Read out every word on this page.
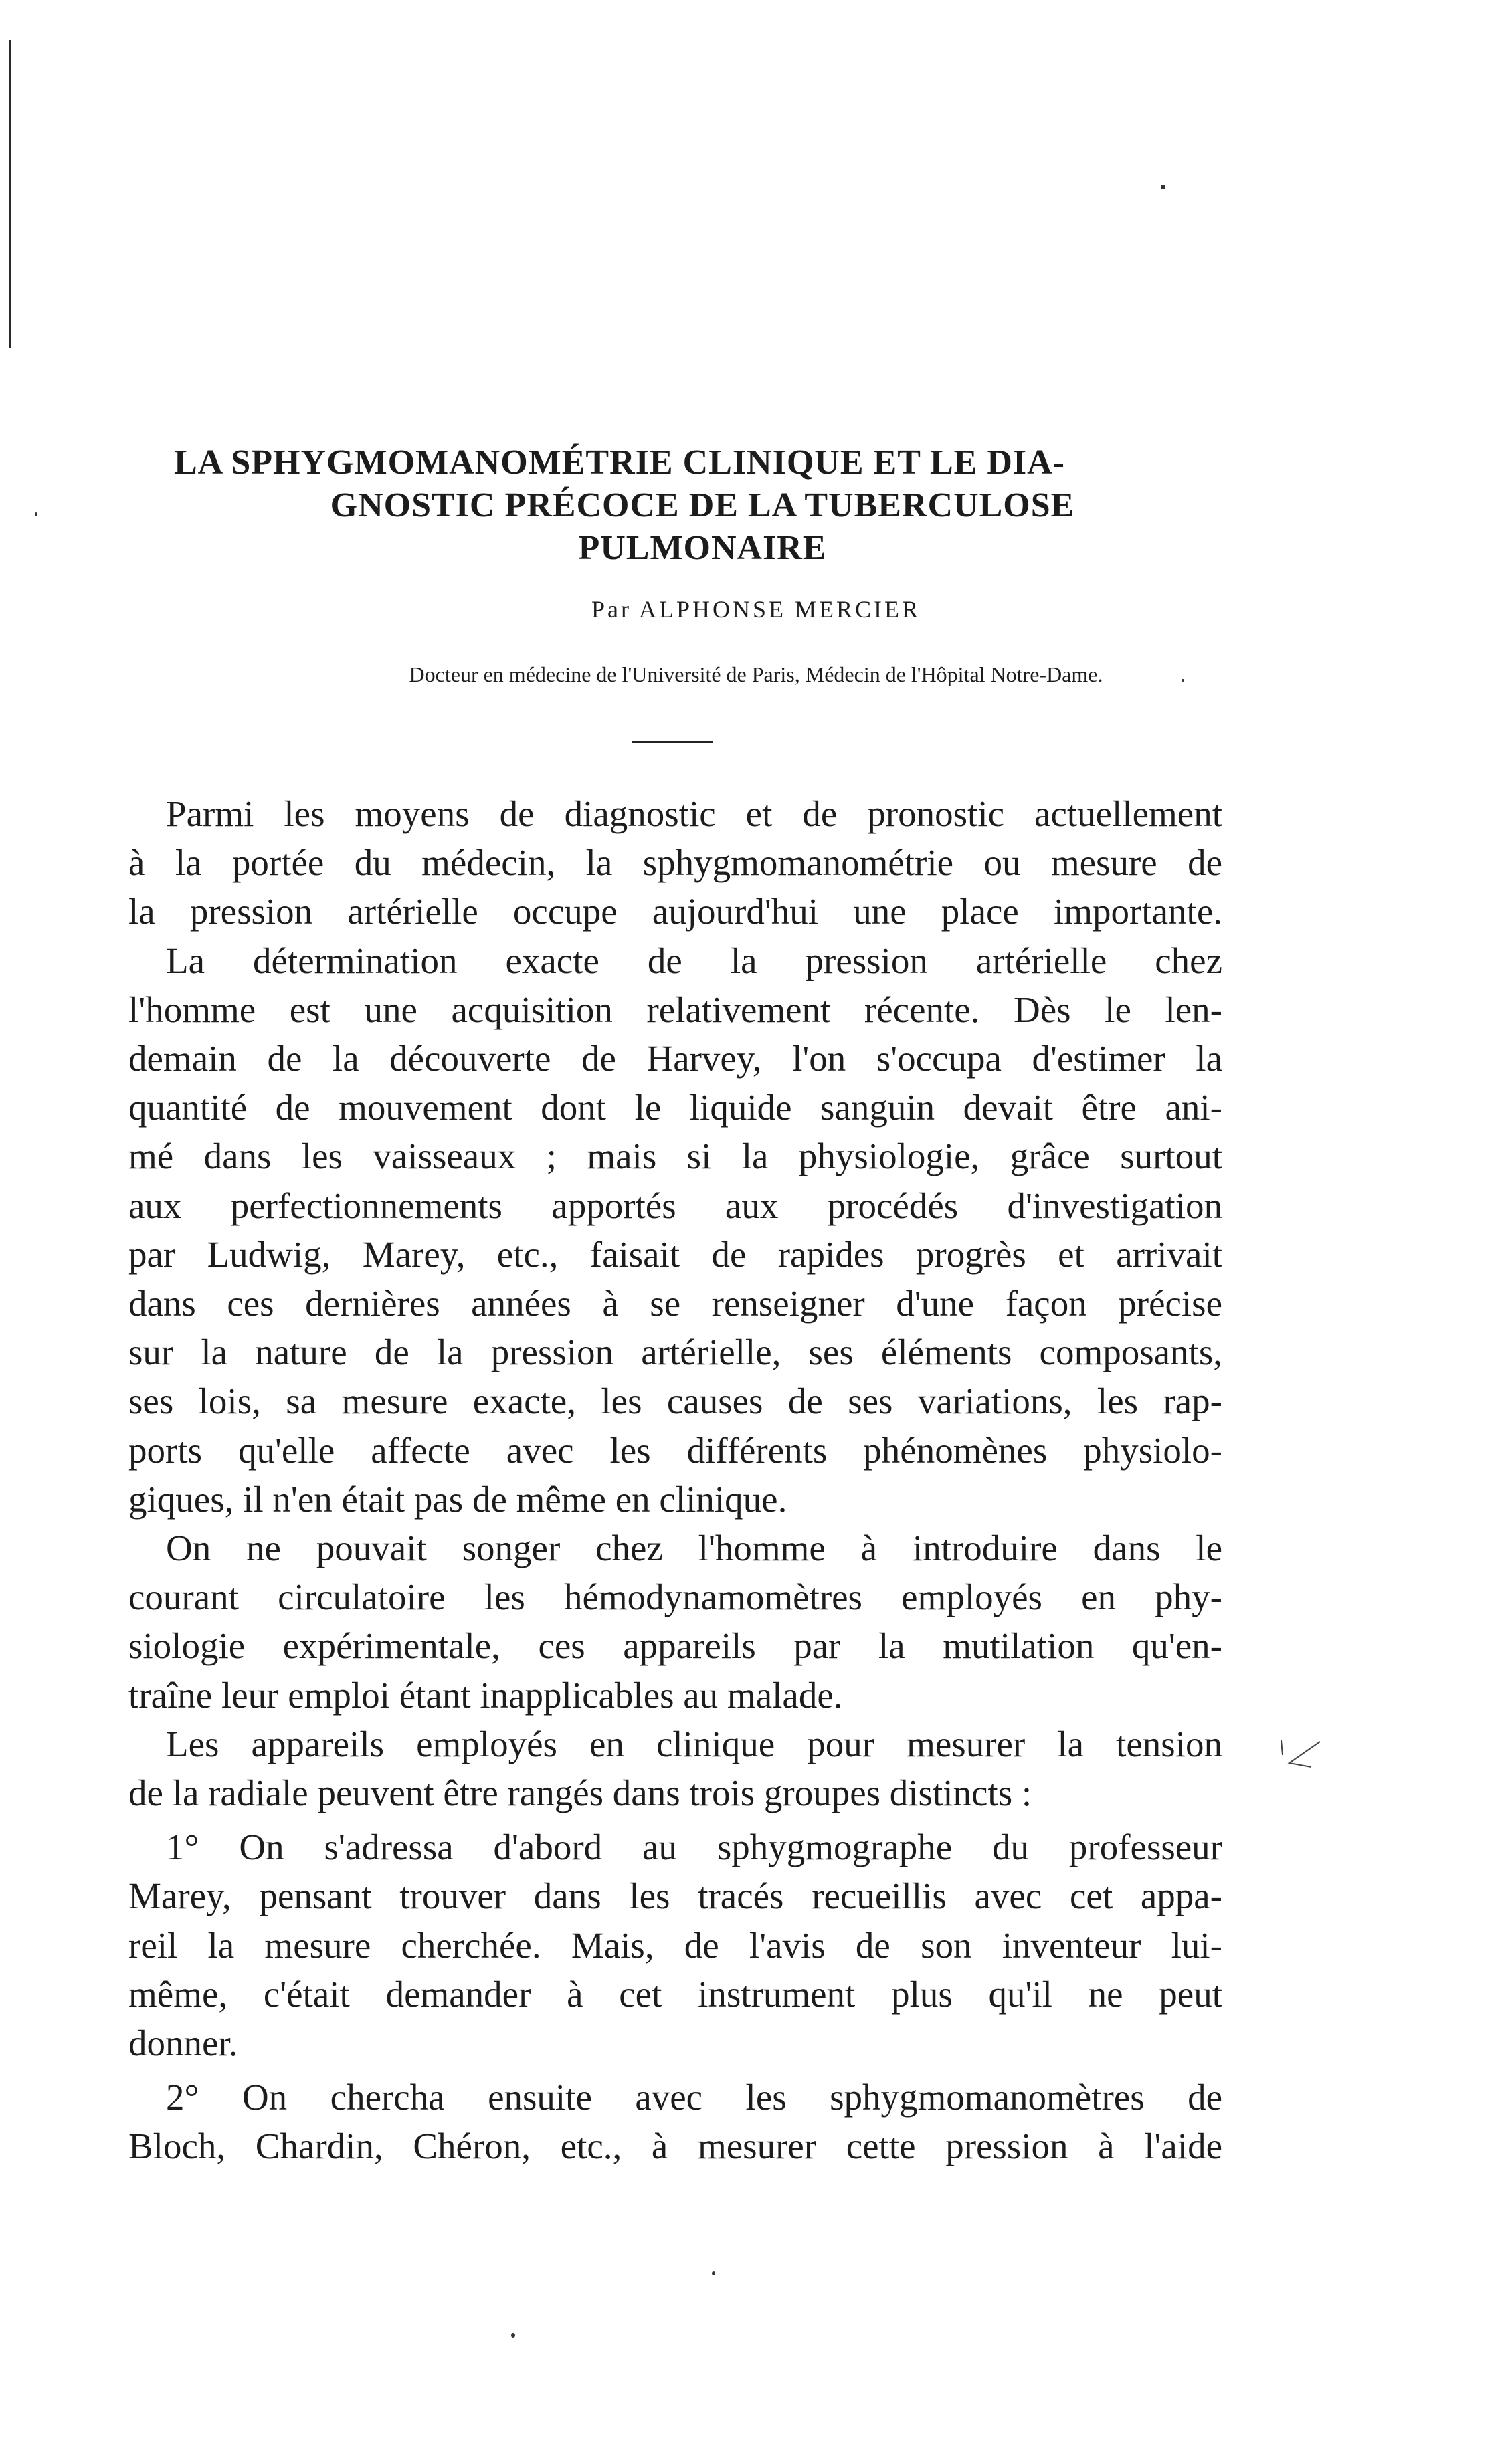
LA SPHYGMOMANOMÉTRIE CLINIQUE ET LE DIA-
GNOSTIC PRÉCOCE DE LA TUBERCULOSE
PULMONAIRE
Par ALPHONSE MERCIER
Docteur en médecine de l'Université de Paris, Médecin de l'Hôpital Notre-Dame.
Parmi les moyens de diagnostic et de pronostic actuellement
à la portée du médecin, la sphygmomanométrie ou mesure de
la pression artérielle occupe aujourd'hui une place importante.
La détermination exacte de la pression artérielle chez
l'homme est une acquisition relativement récente. Dès le len-
demain de la découverte de Harvey, l'on s'occupa d'estimer la
quantité de mouvement dont le liquide sanguin devait être ani-
mé dans les vaisseaux ; mais si la physiologie, grâce surtout
aux perfectionnements apportés aux procédés d'investigation
par Ludwig, Marey, etc., faisait de rapides progrès et arrivait
dans ces dernières années à se renseigner d'une façon précise
sur la nature de la pression artérielle, ses éléments composants,
ses lois, sa mesure exacte, les causes de ses variations, les rap-
ports qu'elle affecte avec les différents phénomènes physiolo-
giques, il n'en était pas de même en clinique.
On ne pouvait songer chez l'homme à introduire dans le
courant circulatoire les hémodynamomètres employés en phy-
siologie expérimentale, ces appareils par la mutilation qu'en-
traîne leur emploi étant inapplicables au malade.
Les appareils employés en clinique pour mesurer la tension
de la radiale peuvent être rangés dans trois groupes distincts :
1° On s'adressa d'abord au sphygmographe du professeur
Marey, pensant trouver dans les tracés recueillis avec cet appa-
reil la mesure cherchée. Mais, de l'avis de son inventeur lui-
même, c'était demander à cet instrument plus qu'il ne peut
donner.
2° On chercha ensuite avec les sphygmomanomètres de
Bloch, Chardin, Chéron, etc., à mesurer cette pression à l'aide
